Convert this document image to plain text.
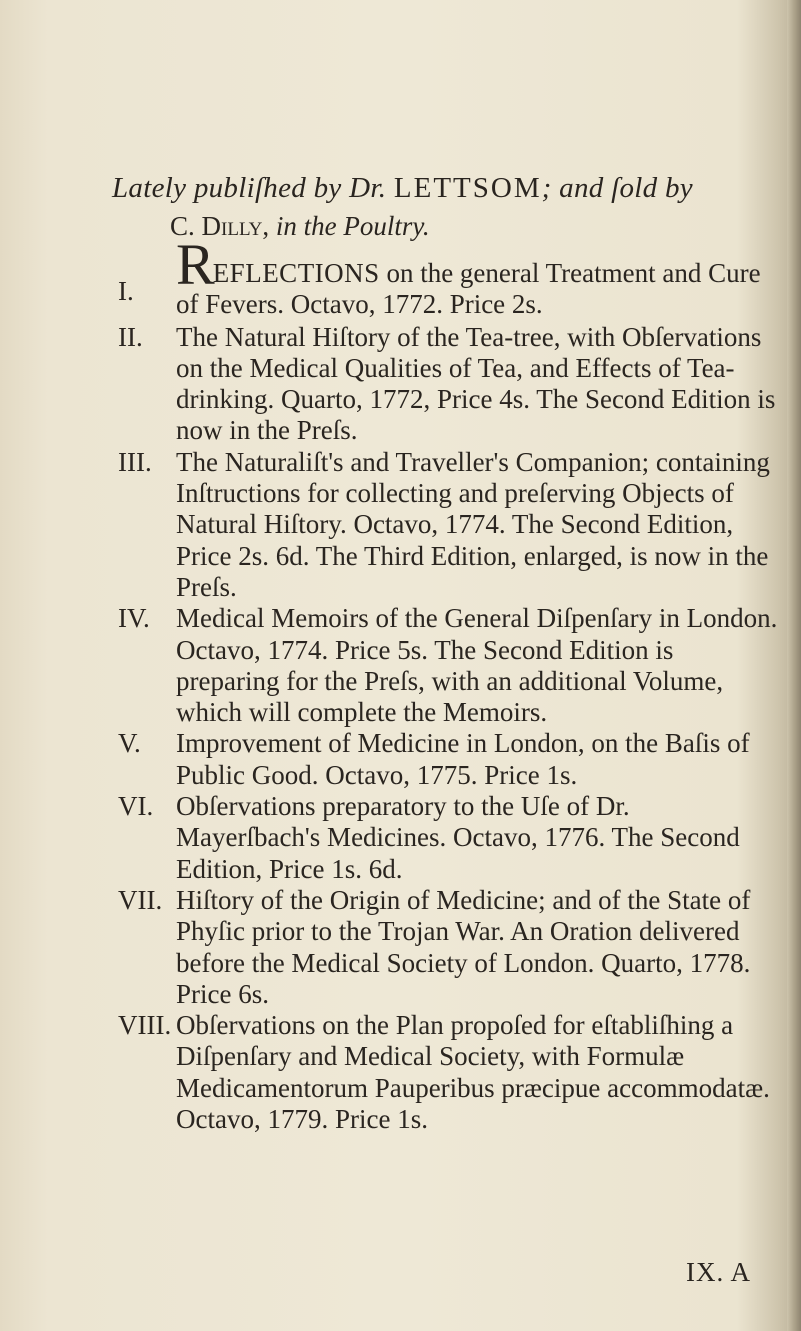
Lately publiſhed by Dr. LETTSOM; and ſold by
C. Dilly, in the Poultry.
I. REFLECTIONS on the general Treatment and Cure of Fevers. Octavo, 1772. Price 2s.
II.	The Natural Hiſtory of the Tea-tree, with Obſervations on the Medical Qualities of Tea, and Effects of Tea-drinking. Quarto, 1772, Price 4s. The Second Edition is now in the Preſs.
III. The Naturaliſt's and Traveller's Companion; containing Inſtructions for collecting and preſerving Objects of Natural Hiſtory. Octavo, 1774. The Second Edition, Price 2s. 6d. The Third Edition, enlarged, is now in the Preſs.
IV. Medical Memoirs of the General Diſpenſary in London. Octavo, 1774. Price 5s. The Second Edition is preparing for the Preſs, with an additional Volume, which will complete the Memoirs.
V.	Improvement of Medicine in London, on the Baſis of Public Good. Octavo, 1775. Price 1s.
VI. Obſervations preparatory to the Uſe of Dr. Mayerſbach's Medicines. Octavo, 1776. The Second Edition, Price 1s. 6d.
VII. Hiſtory of the Origin of Medicine; and of the State of Phyſic prior to the Trojan War. An Oration delivered before the Medical Society of London. Quarto, 1778. Price 6s.
VIII. Obſervations on the Plan propoſed for eſtabliſhing a Diſpenſary and Medical Society, with Formulæ Medicamentorum Pauperibus præcipue accommodatæ. Octavo, 1779. Price 1s.
IX. A
